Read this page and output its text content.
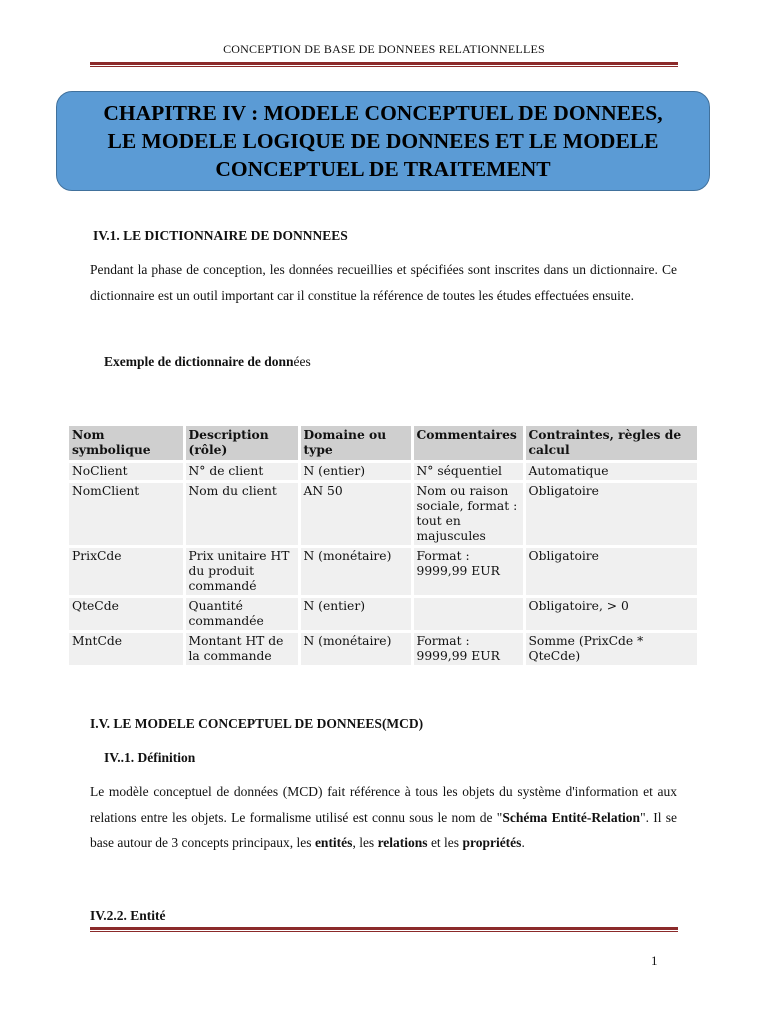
CONCEPTION DE BASE DE DONNEES RELATIONNELLES
CHAPITRE IV : MODELE CONCEPTUEL DE DONNEES,
LE MODELE LOGIQUE DE DONNEES ET LE MODELE
CONCEPTUEL DE TRAITEMENT
IV.1. LE DICTIONNAIRE DE DONNNEES

Pendant la phase de conception, les données recueillies et spécifiées sont inscrites dans un dictionnaire. Ce dictionnaire est un outil important car il constitue la référence de toutes les études effectuées ensuite.

Exemple de dictionnaire de données
Nom symbolique	Description (rôle)	Domaine ou type	Commentaires	Contraintes, règles de calcul
NoClient	N° de client	N (entier)	N° séquentiel	Automatique
NomClient	Nom du client	AN 50	Nom ou raison sociale, format : tout en majuscules	Obligatoire
PrixCde	Prix unitaire HT du produit commandé	N (monétaire)	Format : 9999,99 EUR	Obligatoire
QteCde	Quantité commandée	N (entier)		Obligatoire, > 0
MntCde	Montant HT de la commande	N (monétaire)	Format : 9999,99 EUR	Somme (PrixCde * QteCde)
I.V. LE MODELE CONCEPTUEL DE DONNEES(MCD)
IV..1. Définition

Le modèle conceptuel de données (MCD) fait référence à tous les objets du système d'information et aux relations entre les objets. Le formalisme utilisé est connu sous le nom de "Schéma Entité-Relation". Il se base autour de 3 concepts principaux, les entités, les relations et les propriétés.

IV.2.2. Entité
1
